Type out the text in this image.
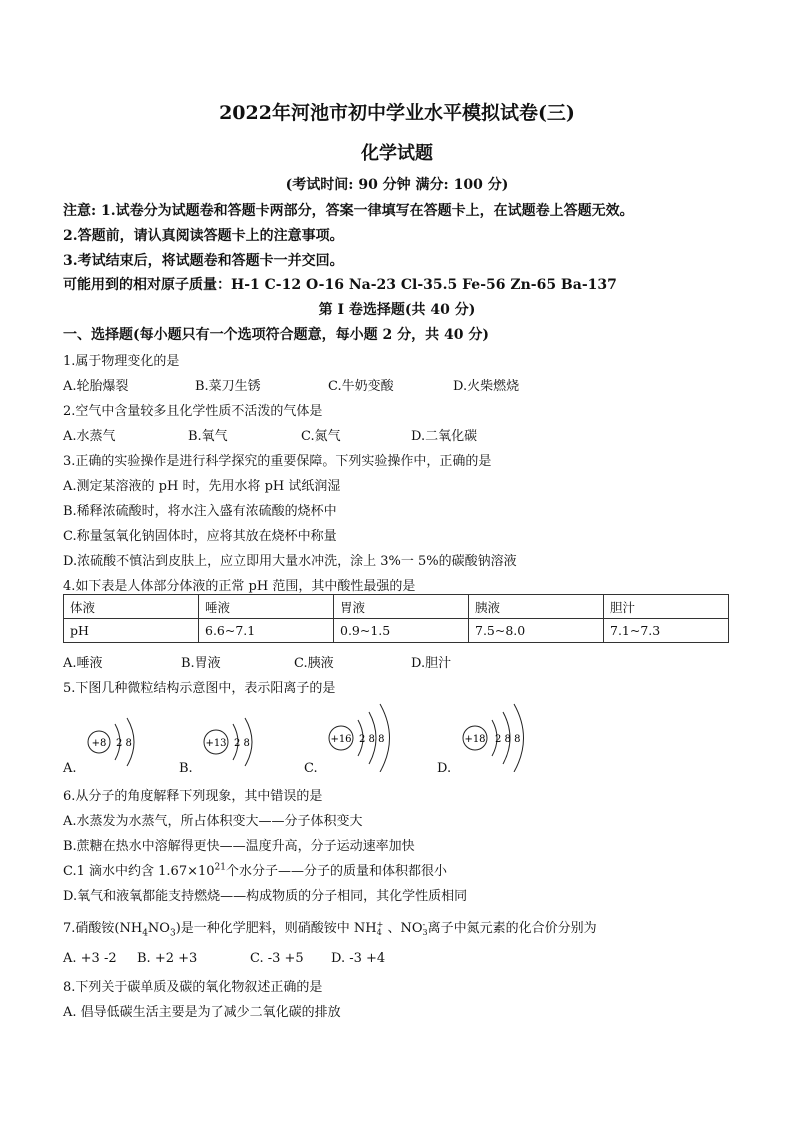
2022年河池市初中学业水平模拟试卷(三)
化学试题
(考试时间: 90 分钟 满分: 100 分)
注意: 1.试卷分为试题卷和答题卡两部分，答案一律填写在答题卡上，在试题卷上答题无效。
2.答题前，请认真阅读答题卡上的注意事项。
3.考试结束后，将试题卷和答题卡一并交回。
可能用到的相对原子质量：H-1 C-12 O-16 Na-23 Cl-35.5 Fe-56 Zn-65 Ba-137
第 I 卷选择题(共 40 分)
一、选择题(每小题只有一个选项符合题意，每小题 2 分，共 40 分)
1.属于物理变化的是
A.轮胎爆裂	B.菜刀生锈	C.牛奶变酸	D.火柴燃烧
2.空气中含量较多且化学性质不活泼的气体是
A.水蒸气	B.氧气	C.氮气	D.二氧化碳
3.正确的实验操作是进行科学探究的重要保障。下列实验操作中，正确的是
A.测定某溶液的 pH 时，先用水将 pH 试纸润湿
B.稀释浓硫酸时，将水注入盛有浓硫酸的烧杯中
C.称量氢氧化钠固体时，应将其放在烧杯中称量
D.浓硫酸不慎沾到皮肤上，应立即用大量水冲洗，涂上 3%一 5%的碳酸钠溶液
4.如下表是人体部分体液的正常 pH 范围，其中酸性最强的是
体液	唾液	胃液	胰液	胆汁
pH	6.6~7.1	0.9~1.5	7.5~8.0	7.1~7.3
A.唾液	B.胃液	C.胰液	D.胆汁
5.下图几种微粒结构示意图中，表示阳离子的是
+8 2 8
A.
+13 2 8
B.
+16 2 8 8
C.
+18 2 8 8
D.
6.从分子的角度解释下列现象，其中错误的是
A.水蒸发为水蒸气，所占体积变大——分子体积变大
B.蔗糖在热水中溶解得更快——温度升高，分子运动速率加快
C.1 滴水中约含 $1.67\times 10^{21}$个水分子——分子的质量和体积都很小
D.氧气和液氧都能支持燃烧——构成物质的分子相同，其化学性质相同
7.硝酸铵$(NH_4NO_3)$是一种化学肥料，则硝酸铵中 NH+
4 、NO-
3离子中氮元素的化合价分别为
A. +3 -2 B. +2 +3	C. -3 +5 D. -3 +4
8.下列关于碳单质及碳的氧化物叙述正确的是
A. 倡导低碳生活主要是为了减少二氧化碳的排放
